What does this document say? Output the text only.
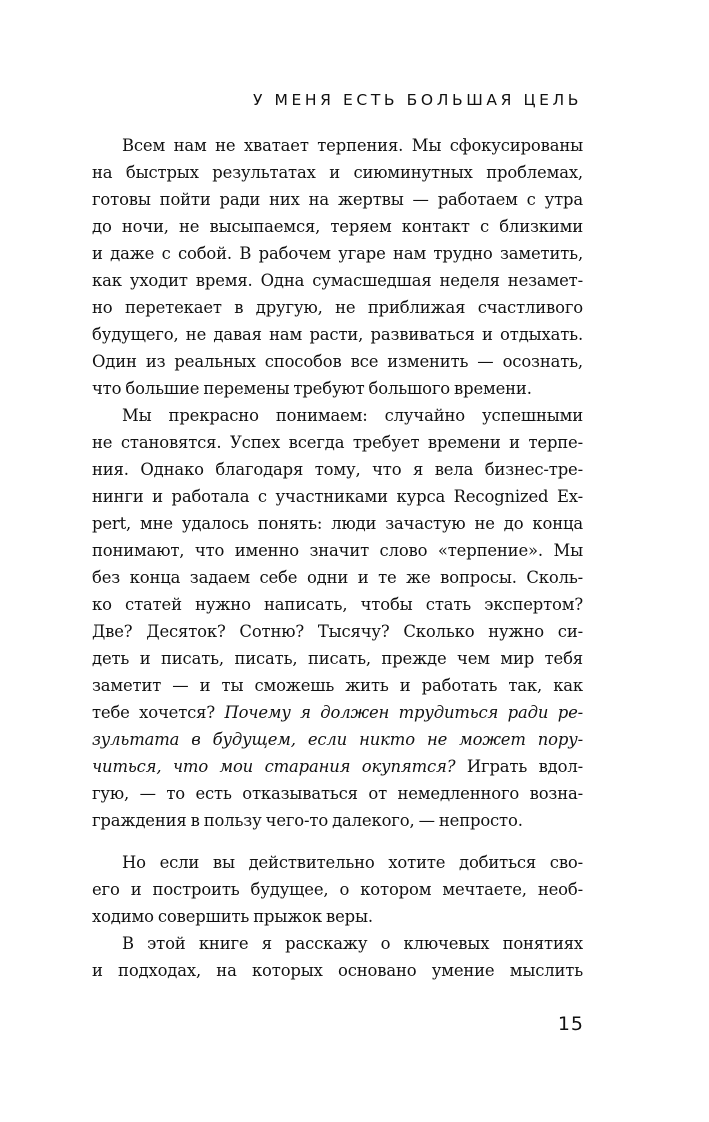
У МЕНЯ ЕСТЬ БОЛЬШАЯ ЦЕЛЬ
Всем нам не хватает терпения. Мы сфокусированы
на быстрых результатах и сиюминутных проблемах,
готовы пойти ради них на жертвы — работаем с утра
до ночи, не высыпаемся, теряем контакт с близкими
и даже с собой. В рабочем угаре нам трудно заметить,
как уходит время. Одна сумасшедшая неделя незамет-
но перетекает в другую, не приближая счастливого
будущего, не давая нам расти, развиваться и отдыхать.
Один из реальных способов все изменить — осознать,
что большие перемены требуют большого времени.
Мы прекрасно понимаем: случайно успешными
не становятся. Успех всегда требует времени и терпе-
ния. Однако благодаря тому, что я вела бизнес-тре-
нинги и работала с участниками курса Recognized Ex-
pert, мне удалось понять: люди зачастую не до конца
понимают, что именно значит слово «терпение». Мы
без конца задаем себе одни и те же вопросы. Сколь-
ко статей нужно написать, чтобы стать экспертом?
Две? Десяток? Сотню? Тысячу? Сколько нужно си-
деть и писать, писать, писать, прежде чем мир тебя
заметит — и ты сможешь жить и работать так, как
тебе хочется? Почему я должен трудиться ради ре-
зультата в будущем, если никто не может пору-
читься, что мои старания окупятся? Играть вдол-
гую, — то есть отказываться от немедленного возна-
граждения в пользу чего-то далекого, — непросто.
Но если вы действительно хотите добиться сво-
его и построить будущее, о котором мечтаете, необ-
ходимо совершить прыжок веры.
В этой книге я расскажу о ключевых понятиях
и подходах, на которых основано умение мыслить
15
